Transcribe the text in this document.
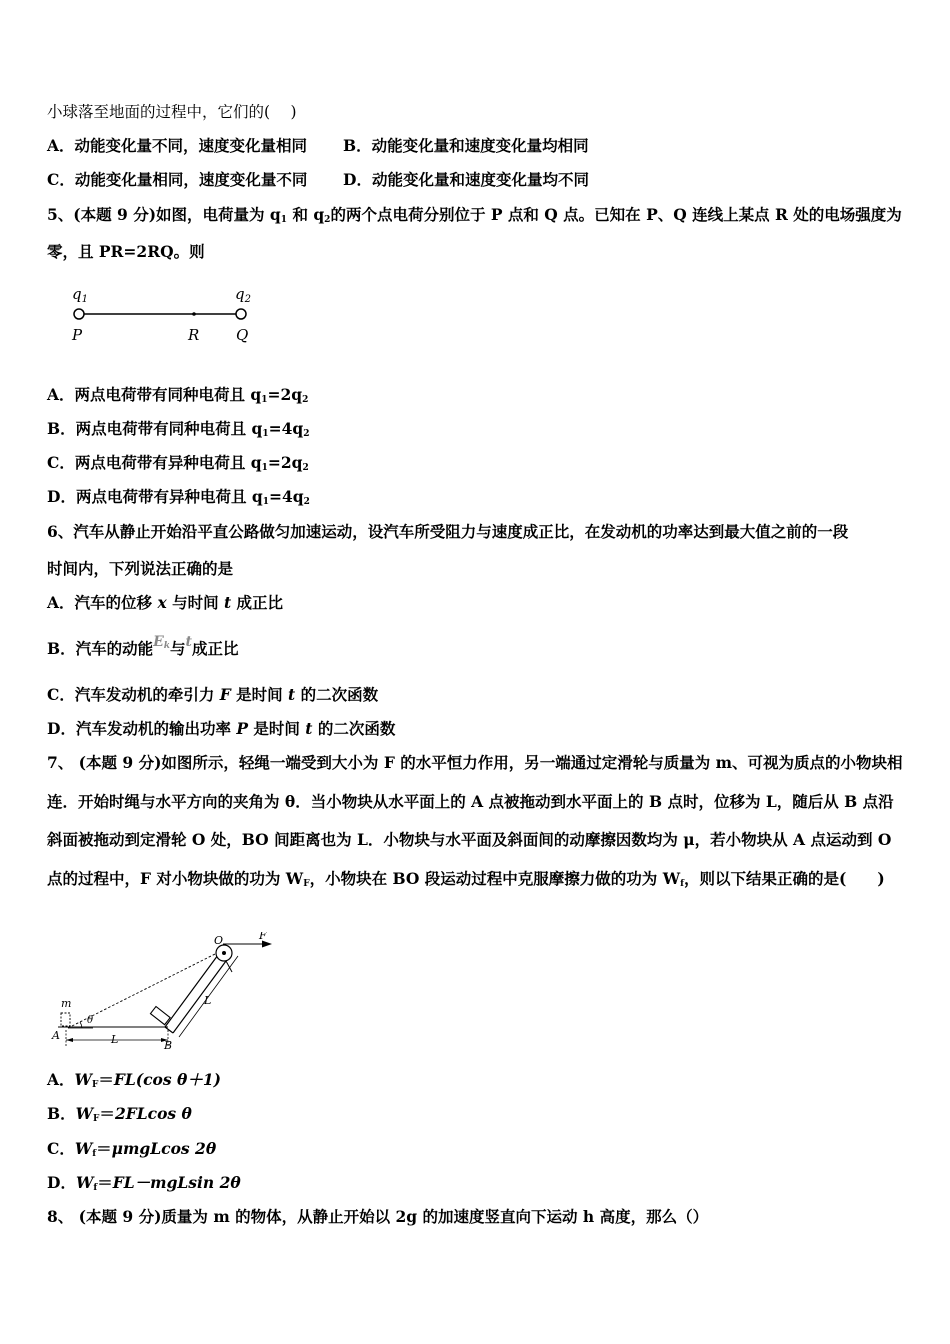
小球落至地面的过程中，它们的(　 )
A．动能变化量不同，速度变化量相同 B．动能变化量和速度变化量均相同
C．动能变化量相同，速度变化量不同 D．动能变化量和速度变化量均不同
5、(本题 9 分)如图，电荷量为 $q_1$ 和 $q_2$的两个点电荷分别位于 P 点和 Q 点。已知在 P、Q 连线上某点 R 处的电场强度为
零，且 PR=2RQ。则
$q_1$	$q_2$
P	R Q
A．两点电荷带有同种电荷且 $q_1=2q_2$
B．两点电荷带有同种电荷且 $q_1=4q_2$
C．两点电荷带有异种电荷且 $q_1=2q_2$
D．两点电荷带有异种电荷且 $q_1=4q_2$
6、汽车从静止开始沿平直公路做匀加速运动，设汽车所受阻力与速度成正比，在发动机的功率达到最大值之前的一段
时间内，下列说法正确的是
A．汽车的位移 x 与时间 t 成正比
B．汽车的动能$E_k$与t成正比
C．汽车发动机的牵引力 F 是时间 t 的二次函数
D．汽车发动机的输出功率 P 是时间 t 的二次函数
7、 (本题 9 分)如图所示，轻绳一端受到大小为 F 的水平恒力作用，另一端通过定滑轮与质量为 m、可视为质点的小物块相连．开始时绳与水平方向的夹角为 θ．当小物块从水平面上的 A 点被拖动到水平面上的 B 点时，位移为 L，随后从 B 点沿斜面被拖动到定滑轮 O 处，BO 间距离也为 L．小物块与水平面及斜面间的动摩擦因数均为 μ，若小物块从 A 点运动到 O 点的过程中，F 对小物块做的功为 $W_F$，小物块在 BO 段运动过程中克服摩擦力做的功为 $W_f$，则以下结果正确的是(　　)
O	F
m
θ
A	L	B
L
A．$W_F=FL(\cos$ θ＋1)
B．$W_F=2FLcos$ θ
C．$W_f=\mu mgLcos$ 2θ
D．$W_f=FL-mgLsin$ 2θ
8、 (本题 9 分)质量为 m 的物体，从静止开始以 2g 的加速度竖直向下运动 h 高度，那么（）
